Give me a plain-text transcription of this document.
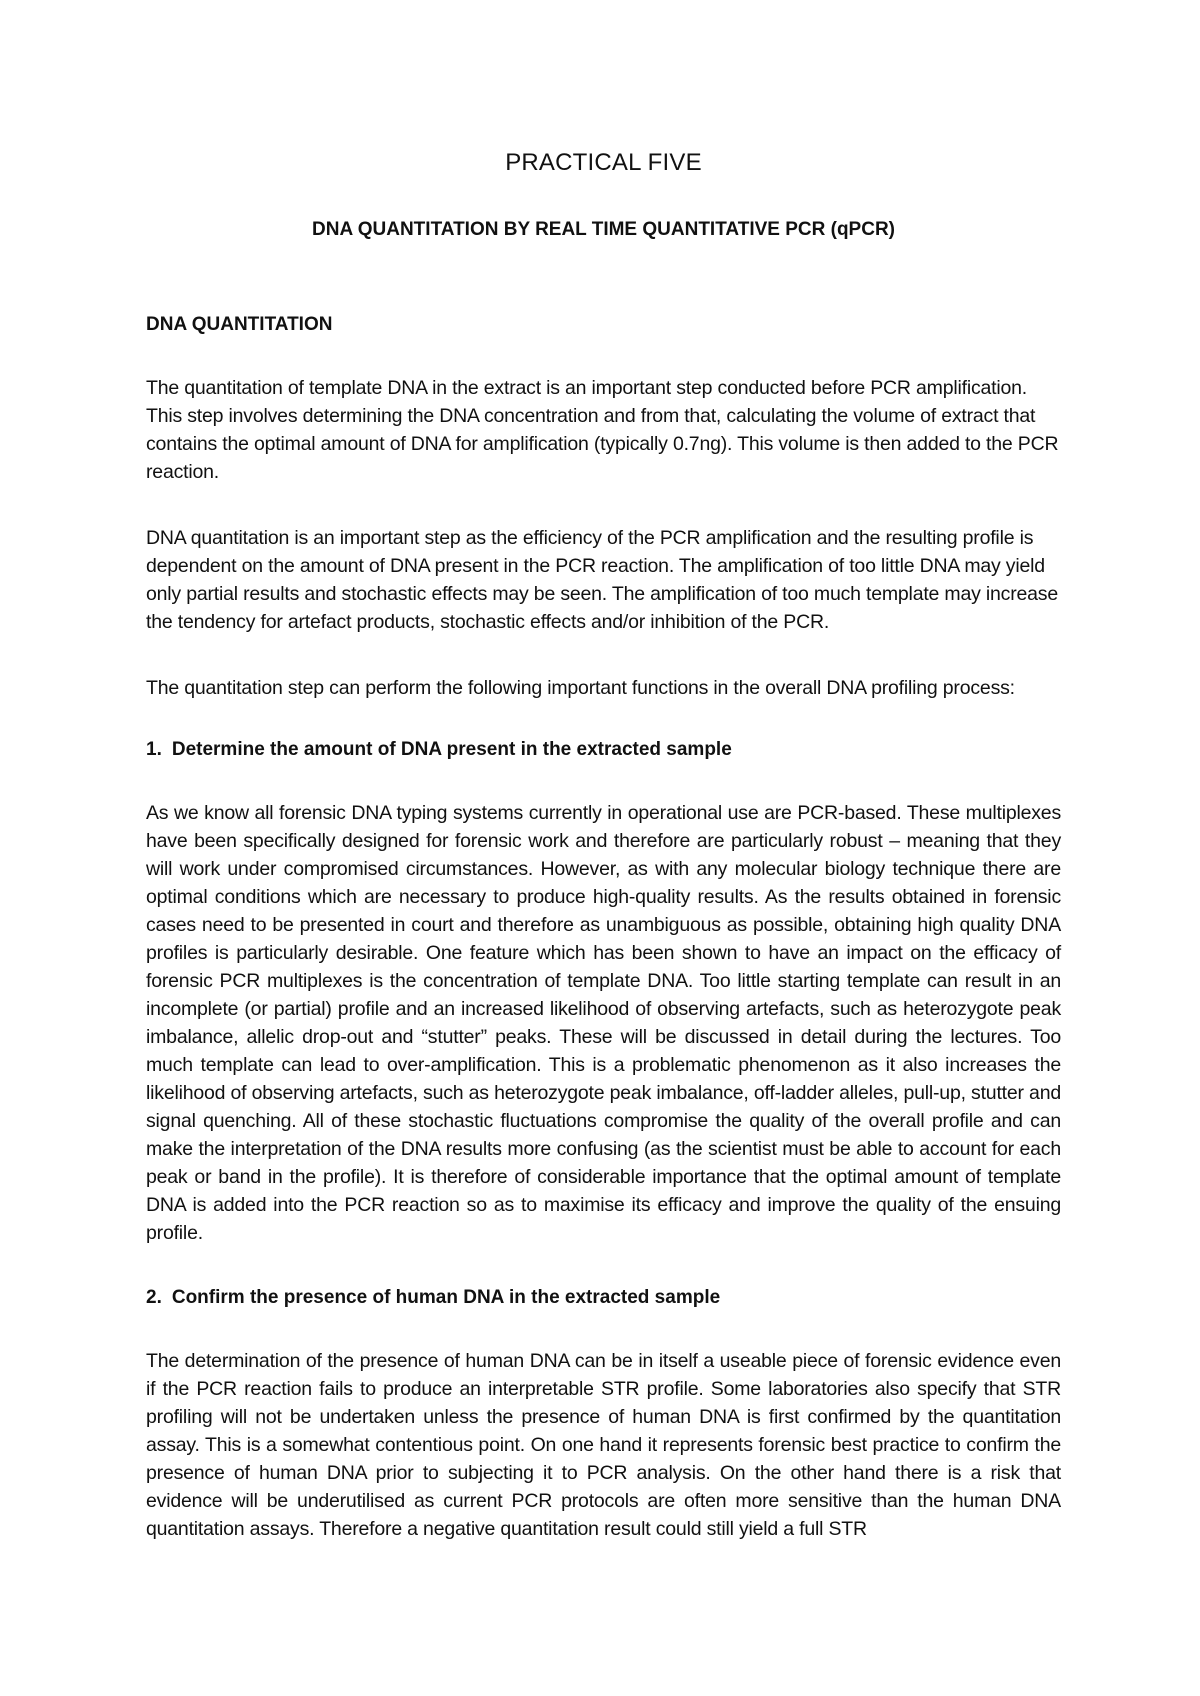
PRACTICAL FIVE
DNA QUANTITATION BY REAL TIME QUANTITATIVE PCR (qPCR)
DNA QUANTITATION

The quantitation of template DNA in the extract is an important step conducted before PCR amplification. This step involves determining the DNA concentration and from that, calculating the volume of extract that contains the optimal amount of DNA for amplification (typically 0.7ng). This volume is then added to the PCR reaction.

DNA quantitation is an important step as the efficiency of the PCR amplification and the resulting profile is dependent on the amount of DNA present in the PCR reaction. The amplification of too little DNA may yield only partial results and stochastic effects may be seen. The amplification of too much template may increase the tendency for artefact products, stochastic effects and/or inhibition of the PCR.

The quantitation step can perform the following important functions in the overall DNA profiling process:

1. Determine the amount of DNA present in the extracted sample

As we know all forensic DNA typing systems currently in operational use are PCR-based. These multiplexes have been specifically designed for forensic work and therefore are particularly robust – meaning that they will work under compromised circumstances. However, as with any molecular biology technique there are optimal conditions which are necessary to produce high-quality results. As the results obtained in forensic cases need to be presented in court and therefore as unambiguous as possible, obtaining high quality DNA profiles is particularly desirable. One feature which has been shown to have an impact on the efficacy of forensic PCR multiplexes is the concentration of template DNA. Too little starting template can result in an incomplete (or partial) profile and an increased likelihood of observing artefacts, such as heterozygote peak imbalance, allelic drop-out and “stutter” peaks. These will be discussed in detail during the lectures. Too much template can lead to over-amplification. This is a problematic phenomenon as it also increases the likelihood of observing artefacts, such as heterozygote peak imbalance, off-ladder alleles, pull-up, stutter and signal quenching. All of these stochastic fluctuations compromise the quality of the overall profile and can make the interpretation of the DNA results more confusing (as the scientist must be able to account for each peak or band in the profile). It is therefore of considerable importance that the optimal amount of template DNA is added into the PCR reaction so as to maximise its efficacy and improve the quality of the ensuing profile.

2. Confirm the presence of human DNA in the extracted sample

The determination of the presence of human DNA can be in itself a useable piece of forensic evidence even if the PCR reaction fails to produce an interpretable STR profile. Some laboratories also specify that STR profiling will not be undertaken unless the presence of human DNA is first confirmed by the quantitation assay. This is a somewhat contentious point. On one hand it represents forensic best practice to confirm the presence of human DNA prior to subjecting it to PCR analysis. On the other hand there is a risk that evidence will be underutilised as current PCR protocols are often more sensitive than the human DNA quantitation assays. Therefore a negative quantitation result could still yield a full STR
